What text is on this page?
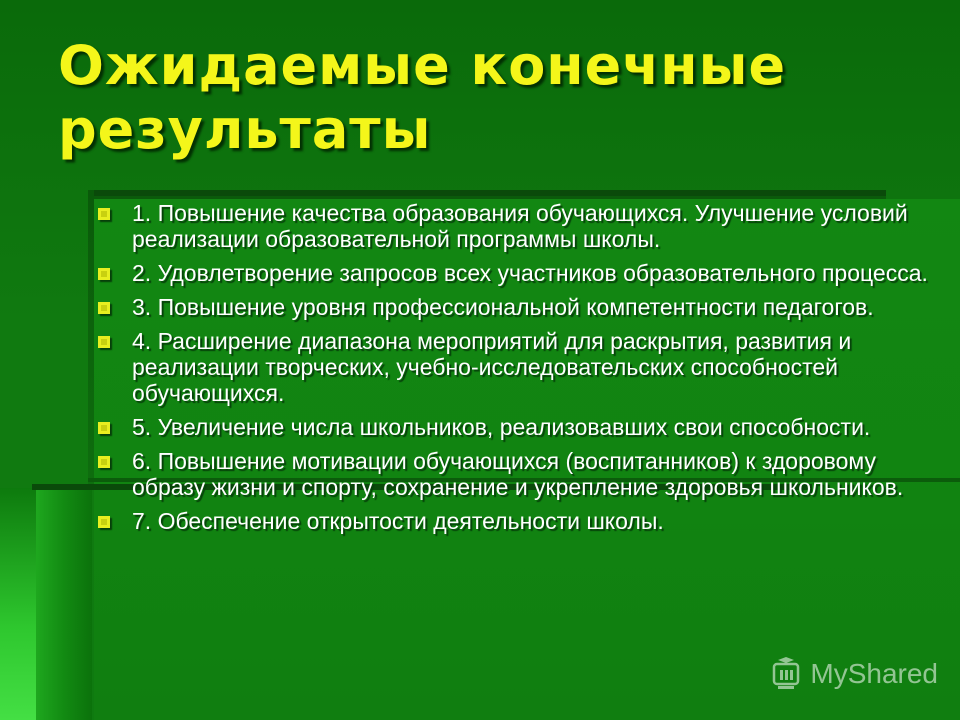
Ожидаемые конечные результаты
1. Повышение качества образования обучающихся. Улучшение условий реализации образовательной программы школы.
2. Удовлетворение запросов всех участников образовательного процесса.
3. Повышение уровня профессиональной компетентности педагогов.
4. Расширение диапазона мероприятий для раскрытия, развития и реализации творческих, учебно-исследовательских способностей обучающихся.
5. Увеличение числа школьников, реализовавших свои способности.
6. Повышение мотивации обучающихся (воспитанников) к здоровому образу жизни и спорту, сохранение и укрепление здоровья школьников.
7. Обеспечение открытости деятельности школы.
MyShared
